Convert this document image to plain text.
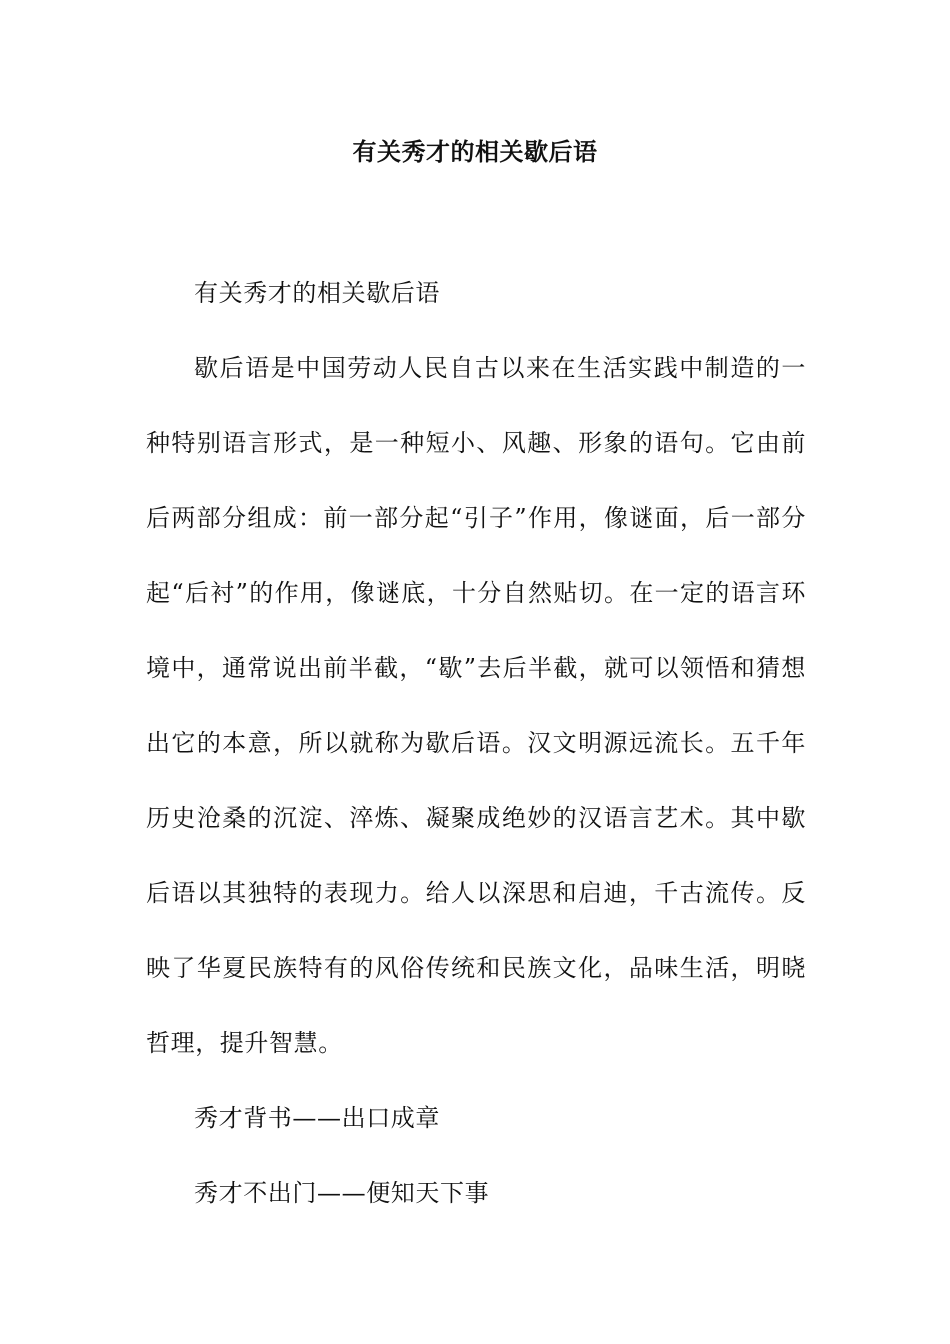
有关秀才的相关歇后语

有关秀才的相关歇后语

歇后语是中国劳动人民自古以来在生活实践中制造的一种特别语言形式，是一种短小、风趣、形象的语句。它由前后两部分组成：前一部分起“引子”作用，像谜面，后一部分起“后衬”的作用，像谜底，十分自然贴切。在一定的语言环境中，通常说出前半截，“歇”去后半截，就可以领悟和猜想出它的本意，所以就称为歇后语。汉文明源远流长。五千年历史沧桑的沉淀、淬炼、凝聚成绝妙的汉语言艺术。其中歇后语以其独特的表现力。给人以深思和启迪，千古流传。反映了华夏民族特有的风俗传统和民族文化，品味生活，明晓哲理，提升智慧。

秀才背书——出口成章

秀才不出门——便知天下事
